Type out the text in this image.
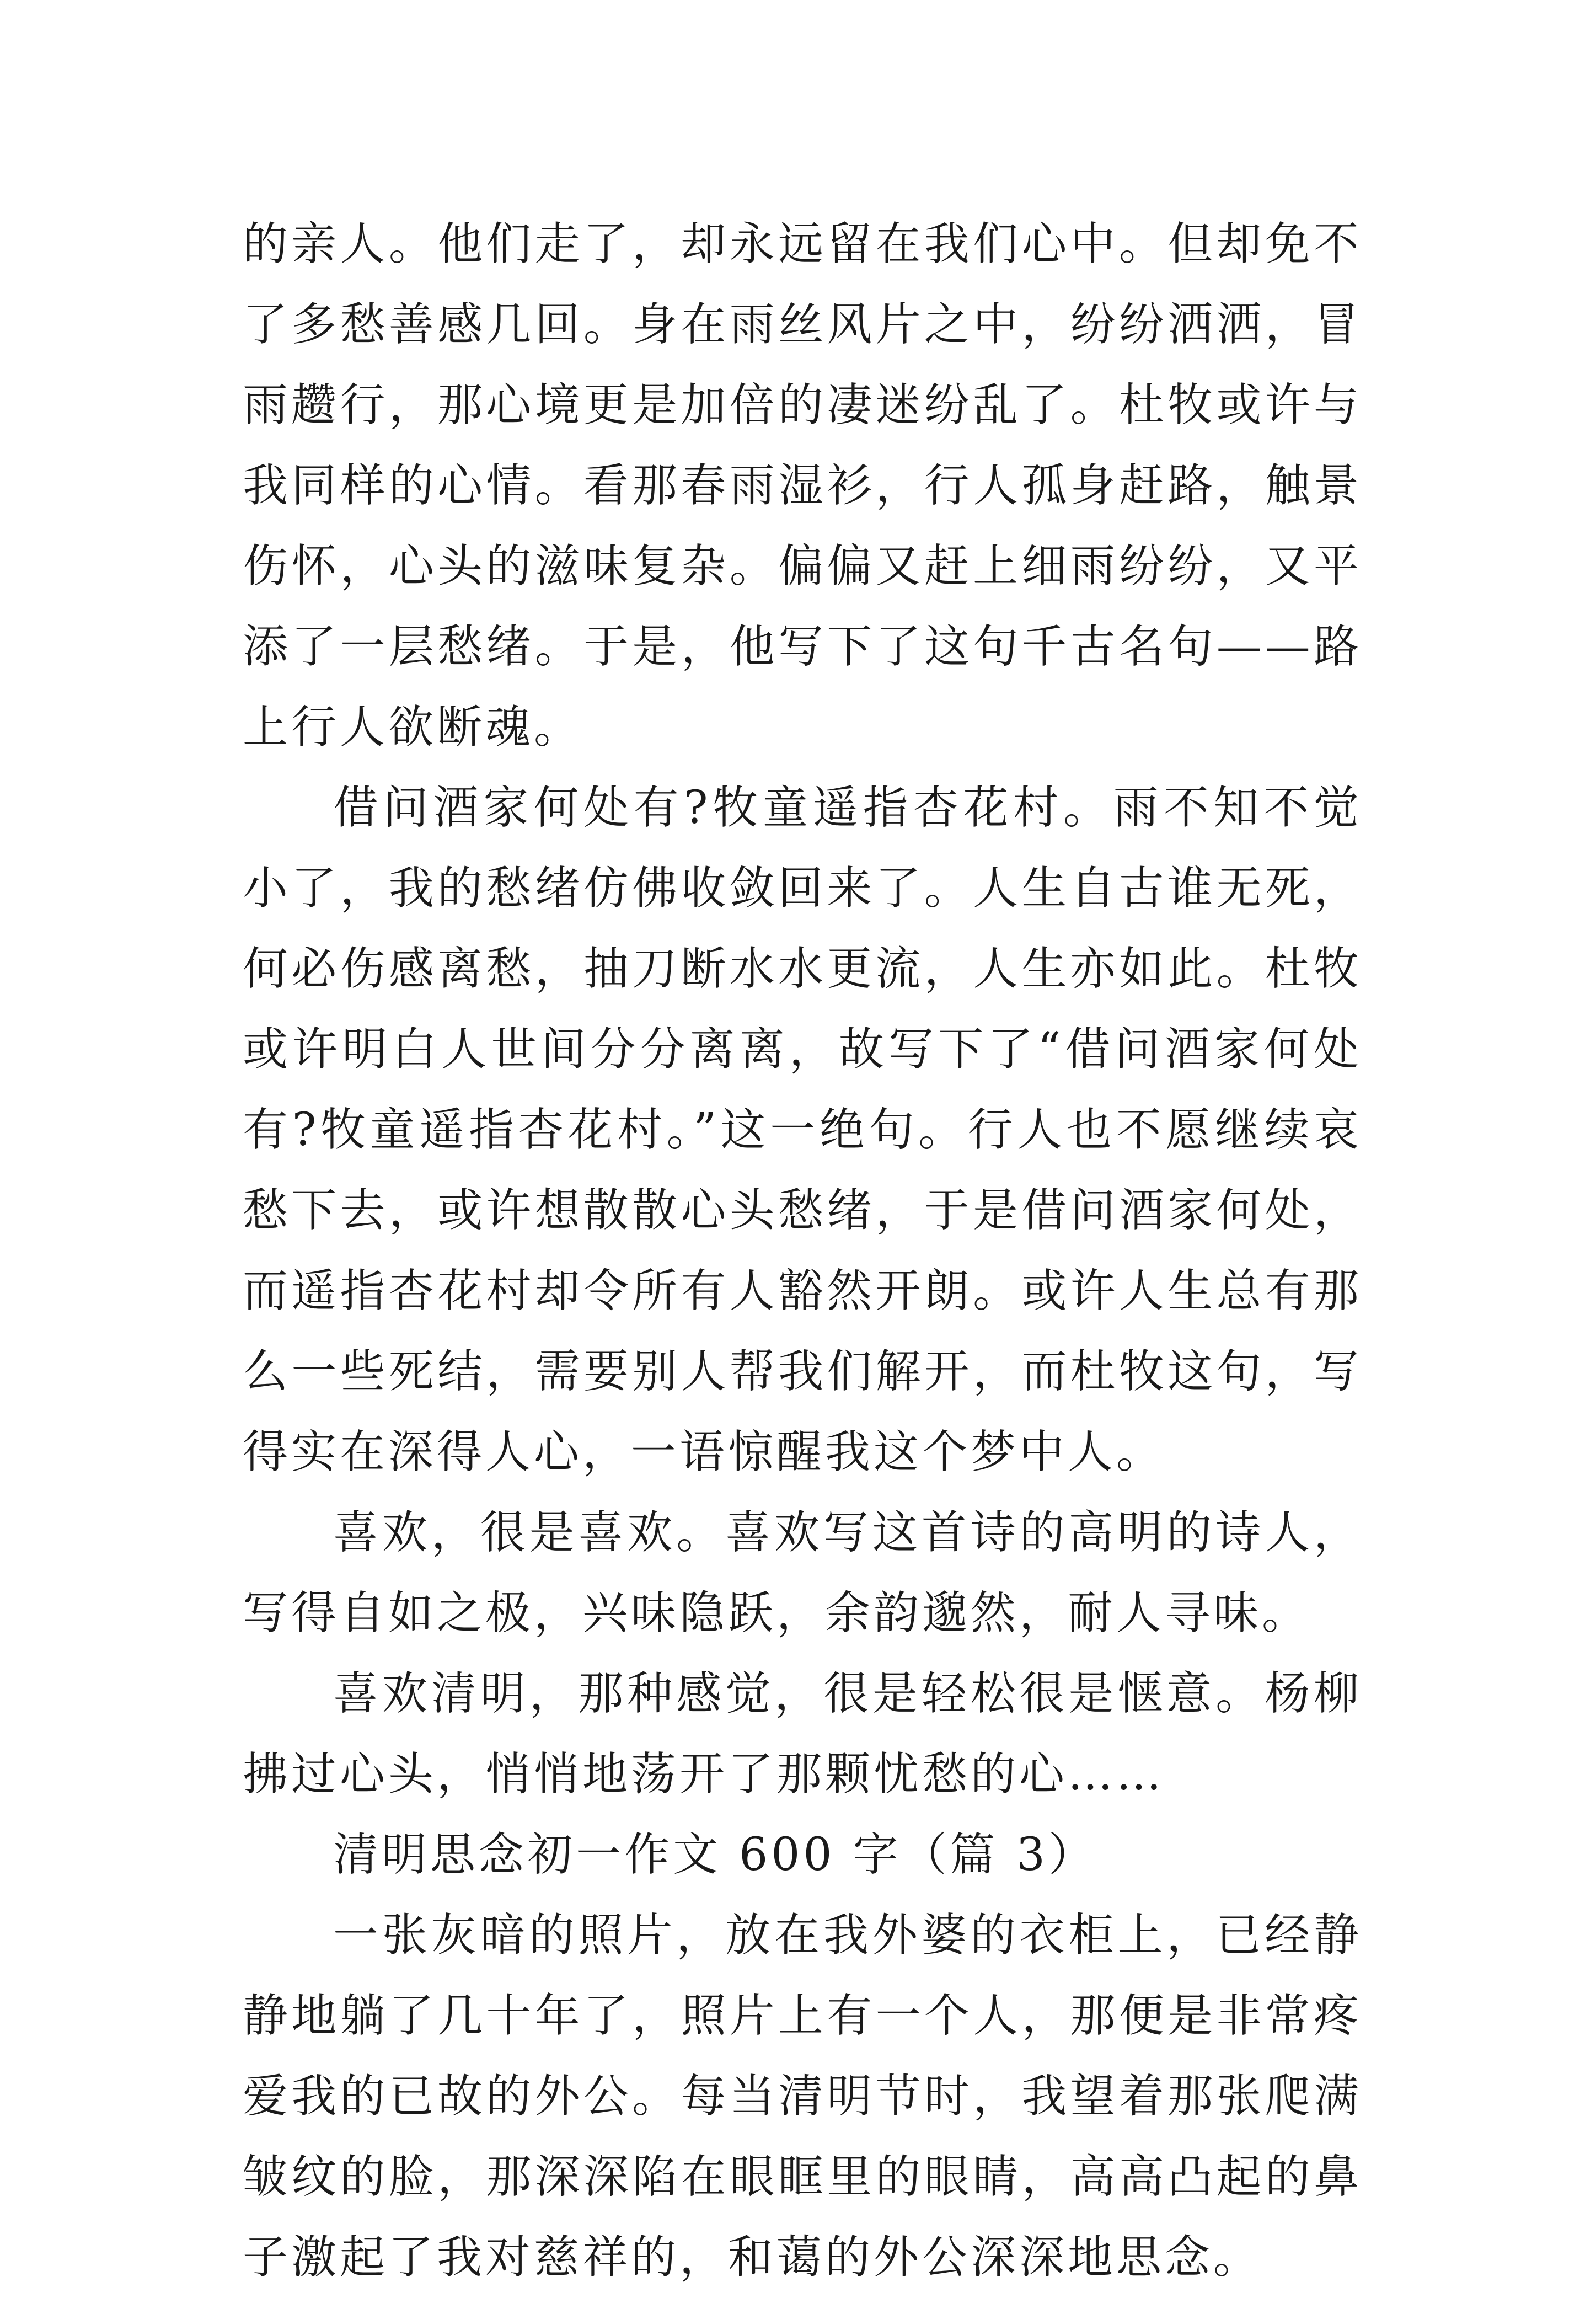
的亲人。他们走了，却永远留在我们心中。但却免不了多愁善感几回。身在雨丝风片之中，纷纷洒洒，冒雨趱行，那心境更是加倍的凄迷纷乱了。杜牧或许与我同样的心情。看那春雨湿衫，行人孤身赶路，触景伤怀，心头的滋味复杂。偏偏又赶上细雨纷纷，又平添了一层愁绪。于是，他写下了这句千古名句——路上行人欲断魂。

借问酒家何处有?牧童遥指杏花村。雨不知不觉小了，我的愁绪仿佛收敛回来了。人生自古谁无死，何必伤感离愁，抽刀断水水更流，人生亦如此。杜牧或许明白人世间分分离离，故写下了“借问酒家何处有?牧童遥指杏花村。”这一绝句。行人也不愿继续哀愁下去，或许想散散心头愁绪，于是借问酒家何处，而遥指杏花村却令所有人豁然开朗。或许人生总有那么一些死结，需要别人帮我们解开，而杜牧这句，写得实在深得人心，一语惊醒我这个梦中人。

喜欢，很是喜欢。喜欢写这首诗的高明的诗人，写得自如之极，兴味隐跃，余韵邈然，耐人寻味。

喜欢清明，那种感觉，很是轻松很是惬意。杨柳拂过心头，悄悄地荡开了那颗忧愁的心……

清明思念初一作文 600 字（篇 3）

一张灰暗的照片，放在我外婆的衣柜上，已经静静地躺了几十年了，照片上有一个人，那便是非常疼爱我的已故的外公。每当清明节时，我望着那张爬满皱纹的脸，那深深陷在眼眶里的眼睛，高高凸起的鼻子激起了我对慈祥的，和蔼的外公深深地思念。
